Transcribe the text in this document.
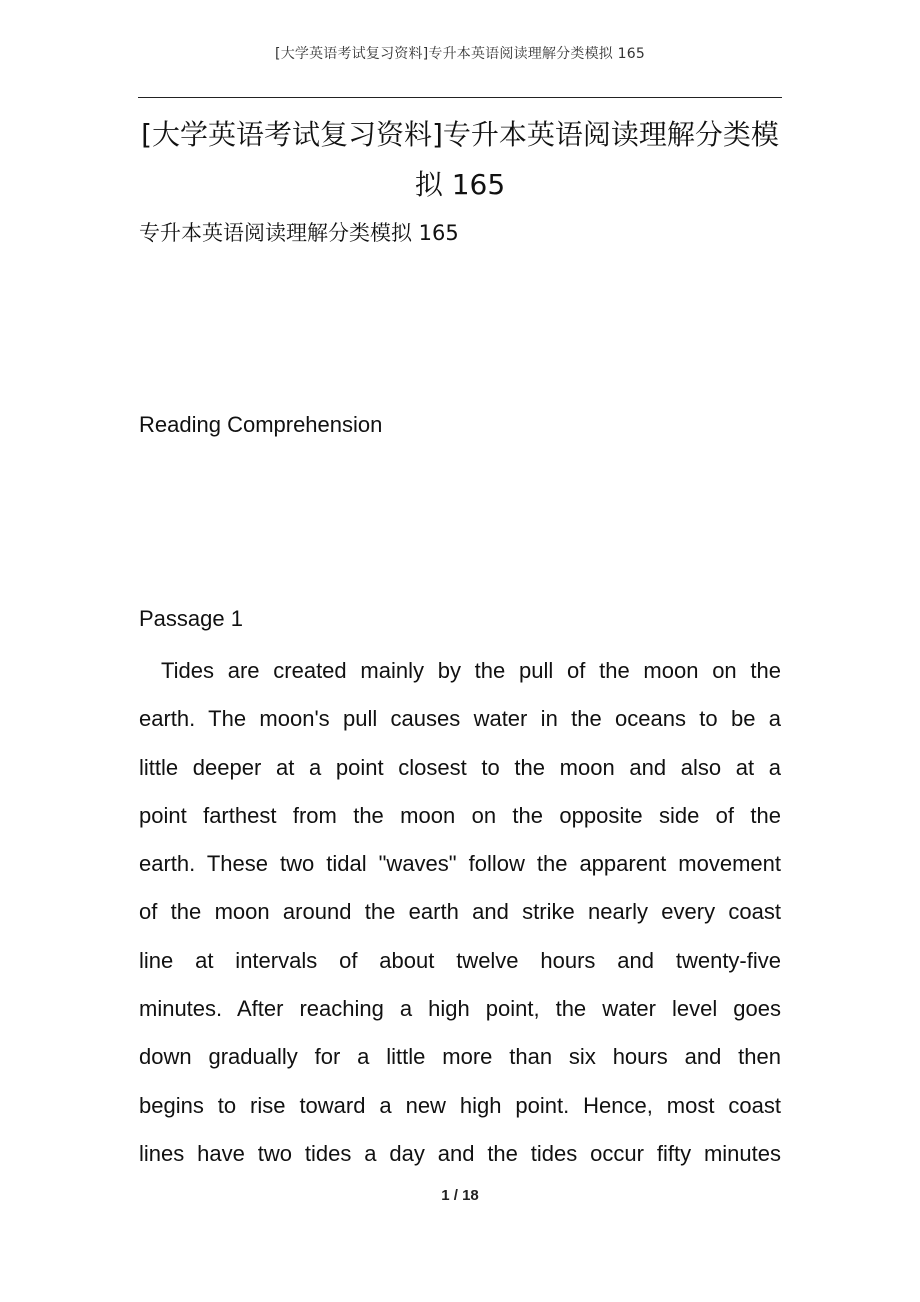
[大学英语考试复习资料]专升本英语阅读理解分类模拟 165
[大学英语考试复习资料]专升本英语阅读理解分类模
拟 165
专升本英语阅读理解分类模拟 165
Reading Comprehension
Passage 1
Tides are created mainly by the pull of the moon on the
earth. The moon's pull causes water in the oceans to be a
little deeper at a point closest to the moon and also at a
point farthest from the moon on the opposite side of the
earth. These two tidal "waves" follow the apparent movement
of the moon around the earth and strike nearly every coast
line at intervals of about twelve hours and twenty-five
minutes. After reaching a high point, the water level goes
down gradually for a little more than six hours and then
begins to rise toward a new high point. Hence, most coast
lines have two tides a day and the tides occur fifty minutes
1 / 18
